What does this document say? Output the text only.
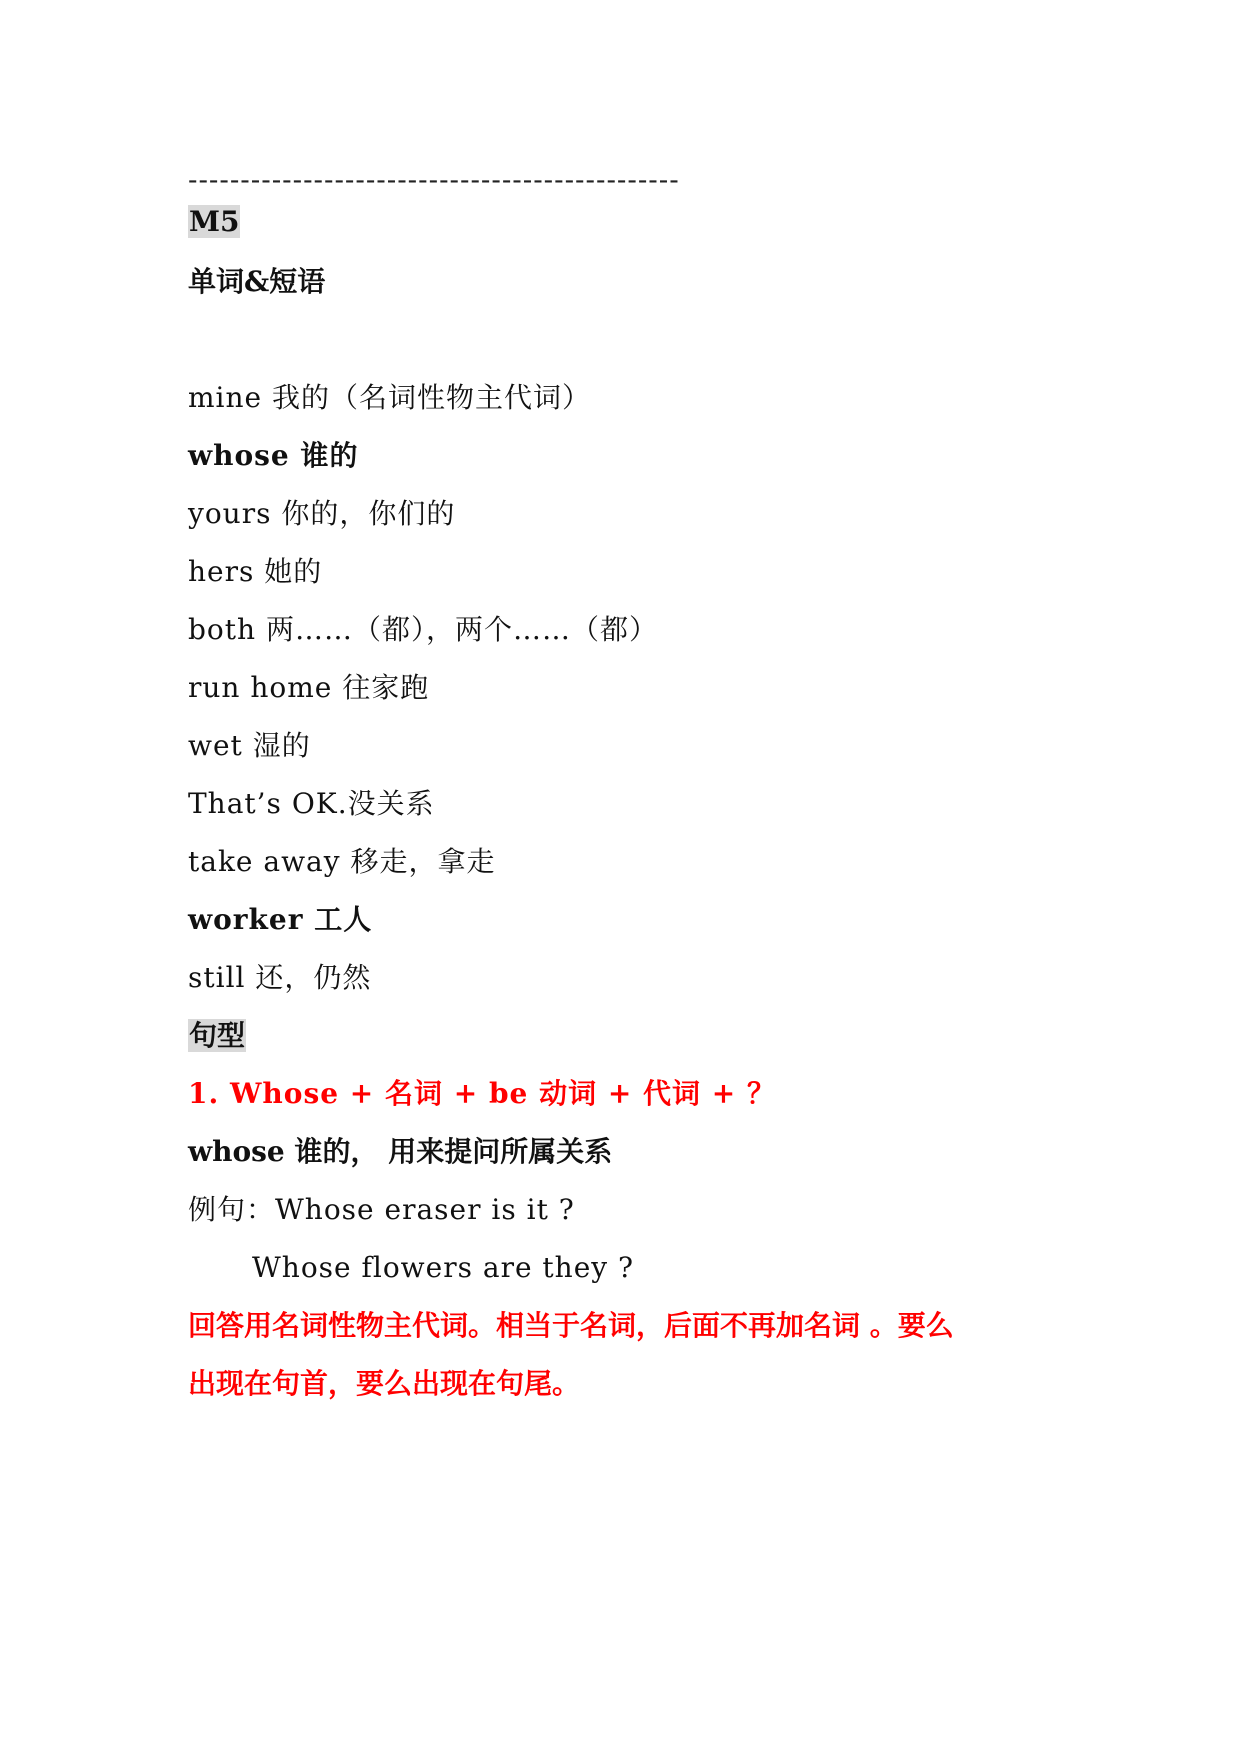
-----------------------------------------------
M5
单词&短语
mine 我的（名词性物主代词）
whose 谁的
yours 你的，你们的
hers 她的
both 两……（都），两个……（都）
run home 往家跑
wet 湿的
That’s OK.没关系
take away 移走，拿走
worker 工人
still 还，仍然
句型
1. Whose + 名词 + be 动词 + 代词 + ？
whose 谁的， 用来提问所属关系
例句：Whose eraser is it ?
Whose flowers are they ?
回答用名词性物主代词。相当于名词，后面不再加名词 。要么
出现在句首，要么出现在句尾。
